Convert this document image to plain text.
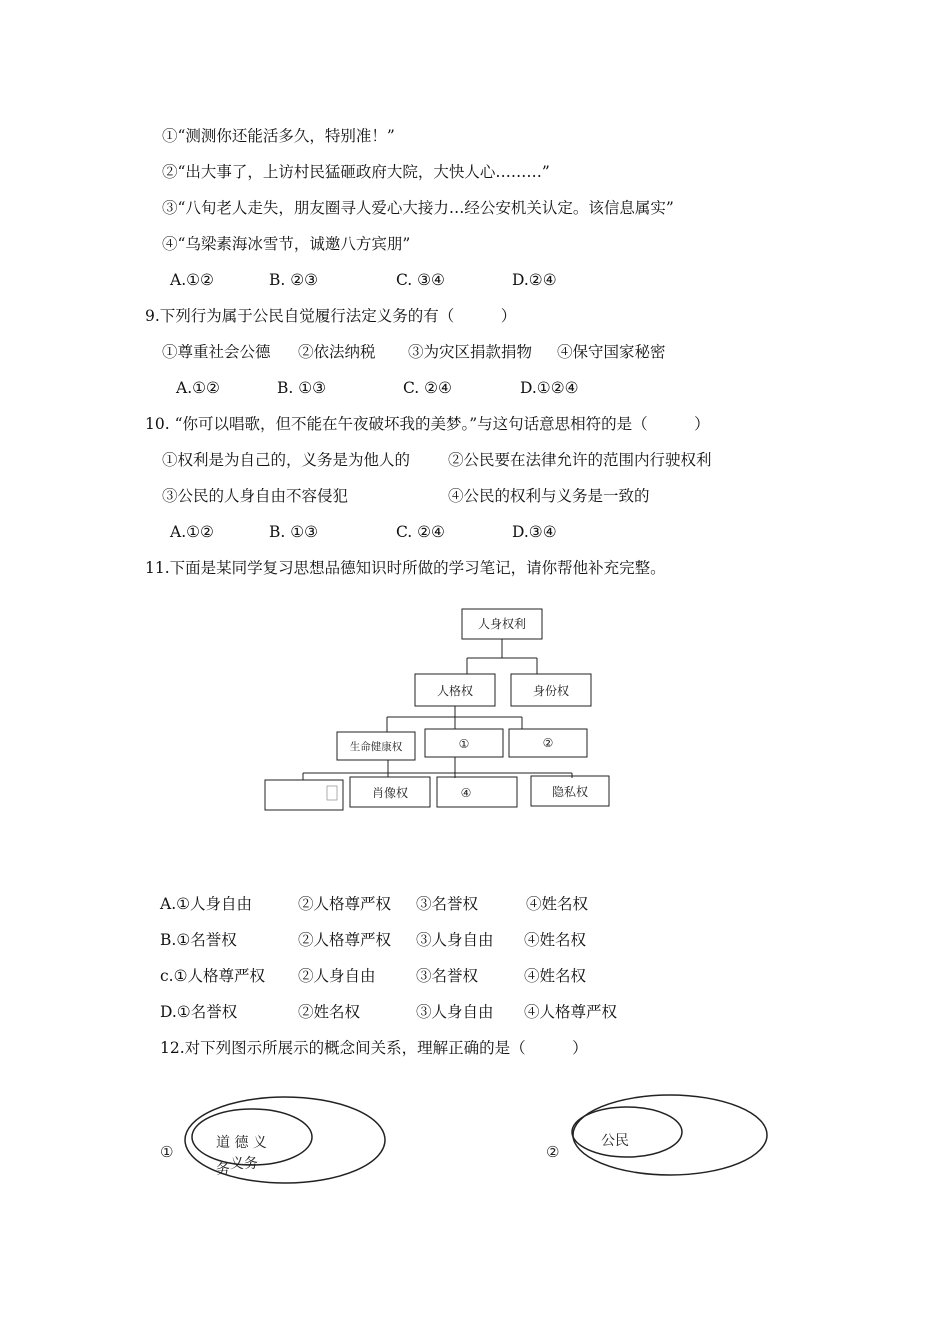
①“测测你还能活多久，特别准！”
②“出大事了，上访村民猛砸政府大院，大快人心………”
③“八旬老人走失，朋友圈寻人爱心大接力…经公安机关认定。该信息属实”
④“乌梁素海冰雪节，诚邀八方宾朋”
A.①②	B. ②③	C. ③④	D.②④
9.下列行为属于公民自觉履行法定义务的有（　　　）
①尊重社会公德 ②依法纳税 ③为灾区捐款捐物 ④保守国家秘密
A.①②	B. ①③	C. ②④	D.①②④
10. “你可以唱歌，但不能在午夜破坏我的美梦。”与这句话意思相符的是（　　　）
①权利是为自己的，义务是为他人的 ②公民要在法律允许的范围内行驶权利
③公民的人身自由不容侵犯	④公民的权利与义务是一致的
A.①②	B. ①③	C. ②④	D.③④
11.下面是某同学复习思想品德知识时所做的学习笔记，请你帮他补充完整。
人身权利
人格权	身份权
生命健康权	①	②
肖像权	④	隐私权
A.①人身自由	②人格尊严权 ③名誉权	④姓名权
B.①名誉权	②人格尊严权 ③人身自由 ④姓名权
c.①人格尊严权 ②人身自由	③名誉权	④姓名权
D.①名誉权	②姓名权	③人身自由 ④人格尊严权
12.对下列图示所展示的概念间关系，理解正确的是（　　　）
①	道 德 义
务 义务
②
公民
